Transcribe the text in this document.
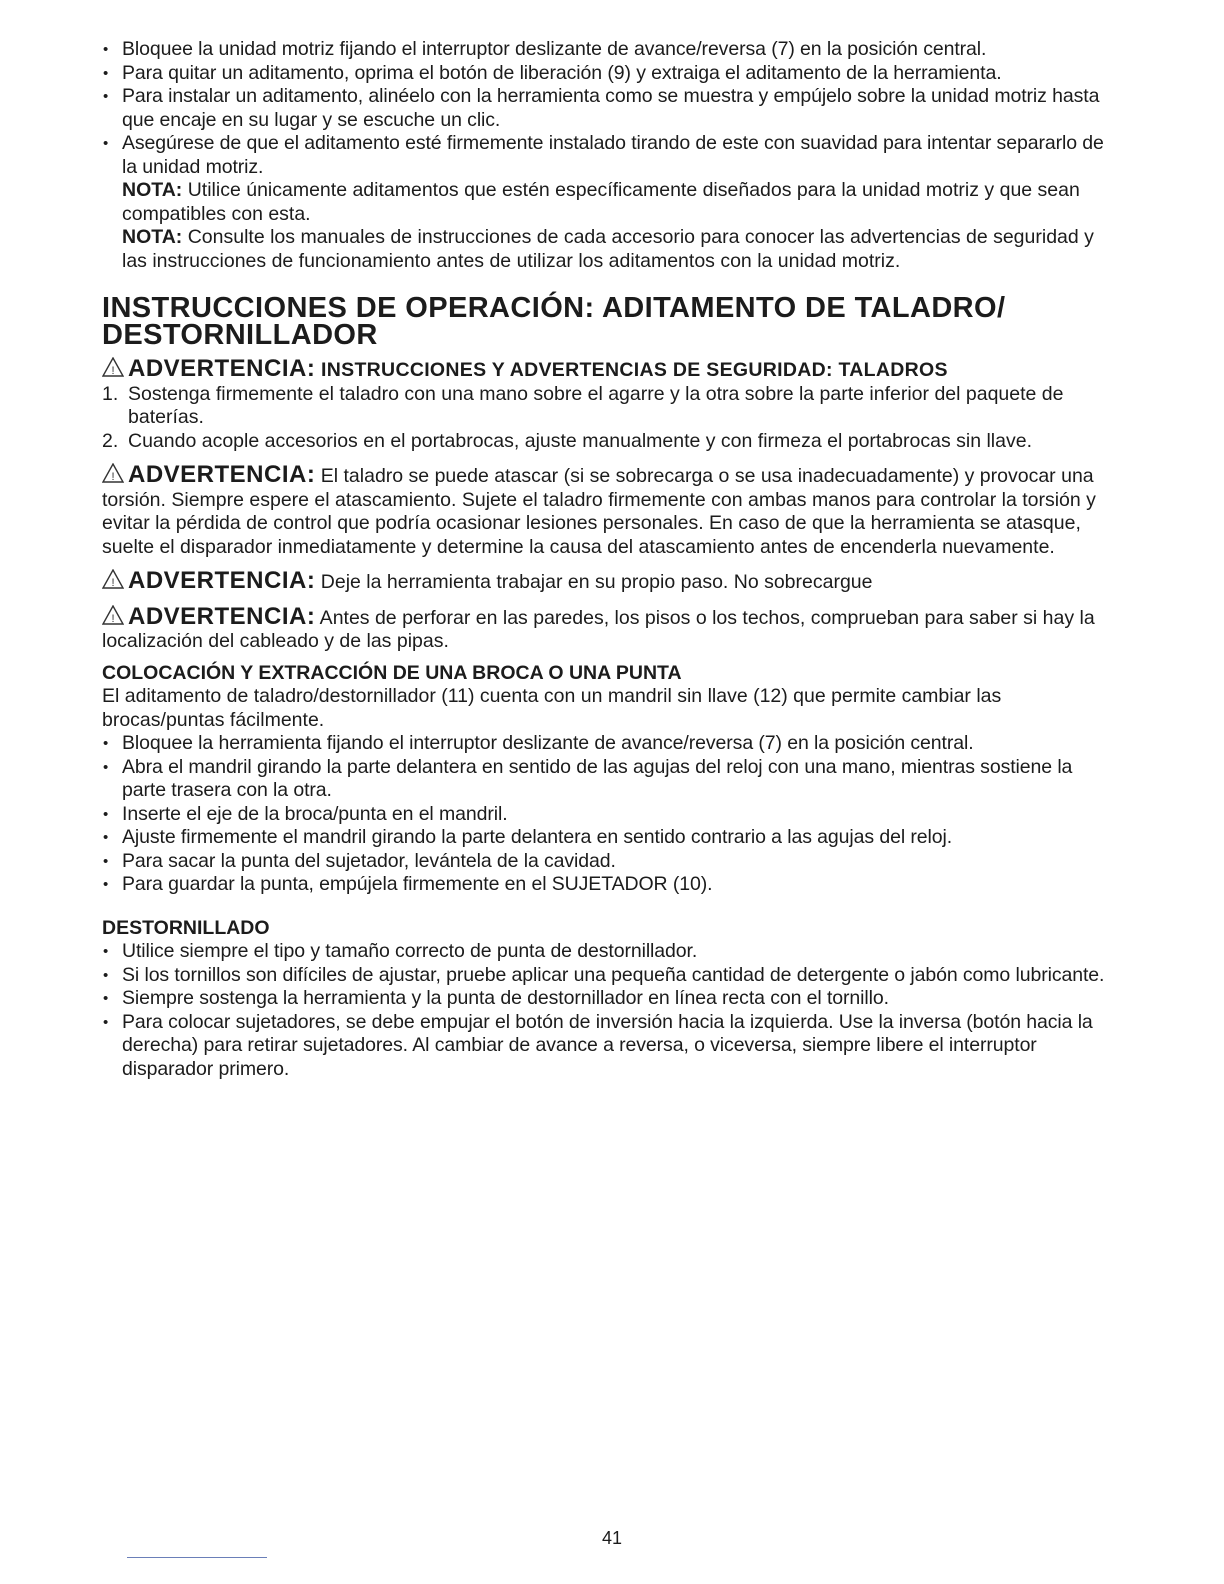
• Bloquee la unidad motriz fijando el interruptor deslizante de avance/reversa (7) en la posición central.
• Para quitar un aditamento, oprima el botón de liberación (9) y extraiga el aditamento de la herramienta.
• Para instalar un aditamento, alinéelo con la herramienta como se muestra y empújelo sobre la unidad motriz hasta que encaje en su lugar y se escuche un clic.
• Asegúrese de que el aditamento esté firmemente instalado tirando de este con suavidad para intentar separarlo de la unidad motriz.
NOTA: Utilice únicamente aditamentos que estén específicamente diseñados para la unidad motriz y que sean compatibles con esta.
NOTA: Consulte los manuales de instrucciones de cada accesorio para conocer las advertencias de seguridad y las instrucciones de funcionamiento antes de utilizar los aditamentos con la unidad motriz.
INSTRUCCIONES DE OPERACIÓN: ADITAMENTO DE TALADRO/ DESTORNILLADOR
! ADVERTENCIA: INSTRUCCIONES Y ADVERTENCIAS DE SEGURIDAD: TALADROS
1. Sostenga firmemente el taladro con una mano sobre el agarre y la otra sobre la parte inferior del paquete de baterías.
2. Cuando acople accesorios en el portabrocas, ajuste manualmente y con firmeza el portabrocas sin llave.
! ADVERTENCIA: El taladro se puede atascar (si se sobrecarga o se usa inadecuadamente) y provocar una torsión. Siempre espere el atascamiento. Sujete el taladro firmemente con ambas manos para controlar la torsión y evitar la pérdida de control que podría ocasionar lesiones personales. En caso de que la herramienta se atasque, suelte el disparador inmediatamente y determine la causa del atascamiento antes de encenderla nuevamente.
! ADVERTENCIA: Deje la herramienta trabajar en su propio paso. No sobrecargue
! ADVERTENCIA: Antes de perforar en las paredes, los pisos o los techos, comprueban para saber si hay la localización del cableado y de las pipas.
COLOCACIÓN Y EXTRACCIÓN DE UNA BROCA O UNA PUNTA

El aditamento de taladro/destornillador (11) cuenta con un mandril sin llave (12) que permite cambiar las brocas/puntas fácilmente.

• Bloquee la herramienta fijando el interruptor deslizante de avance/reversa (7) en la posición central.
• Abra el mandril girando la parte delantera en sentido de las agujas del reloj con una mano, mientras sostiene la parte trasera con la otra.
• Inserte el eje de la broca/punta en el mandril.
• Ajuste firmemente el mandril girando la parte delantera en sentido contrario a las agujas del reloj.
• Para sacar la punta del sujetador, levántela de la cavidad.
• Para guardar la punta, empújela firmemente en el SUJETADOR (10).
DESTORNILLADO
• Utilice siempre el tipo y tamaño correcto de punta de destornillador.
• Si los tornillos son difíciles de ajustar, pruebe aplicar una pequeña cantidad de detergente o jabón como lubricante.
• Siempre sostenga la herramienta y la punta de destornillador en línea recta con el tornillo.
• Para colocar sujetadores, se debe empujar el botón de inversión hacia la izquierda. Use la inversa (botón hacia la derecha) para retirar sujetadores. Al cambiar de avance a reversa, o viceversa, siempre libere el interruptor disparador primero.
41
